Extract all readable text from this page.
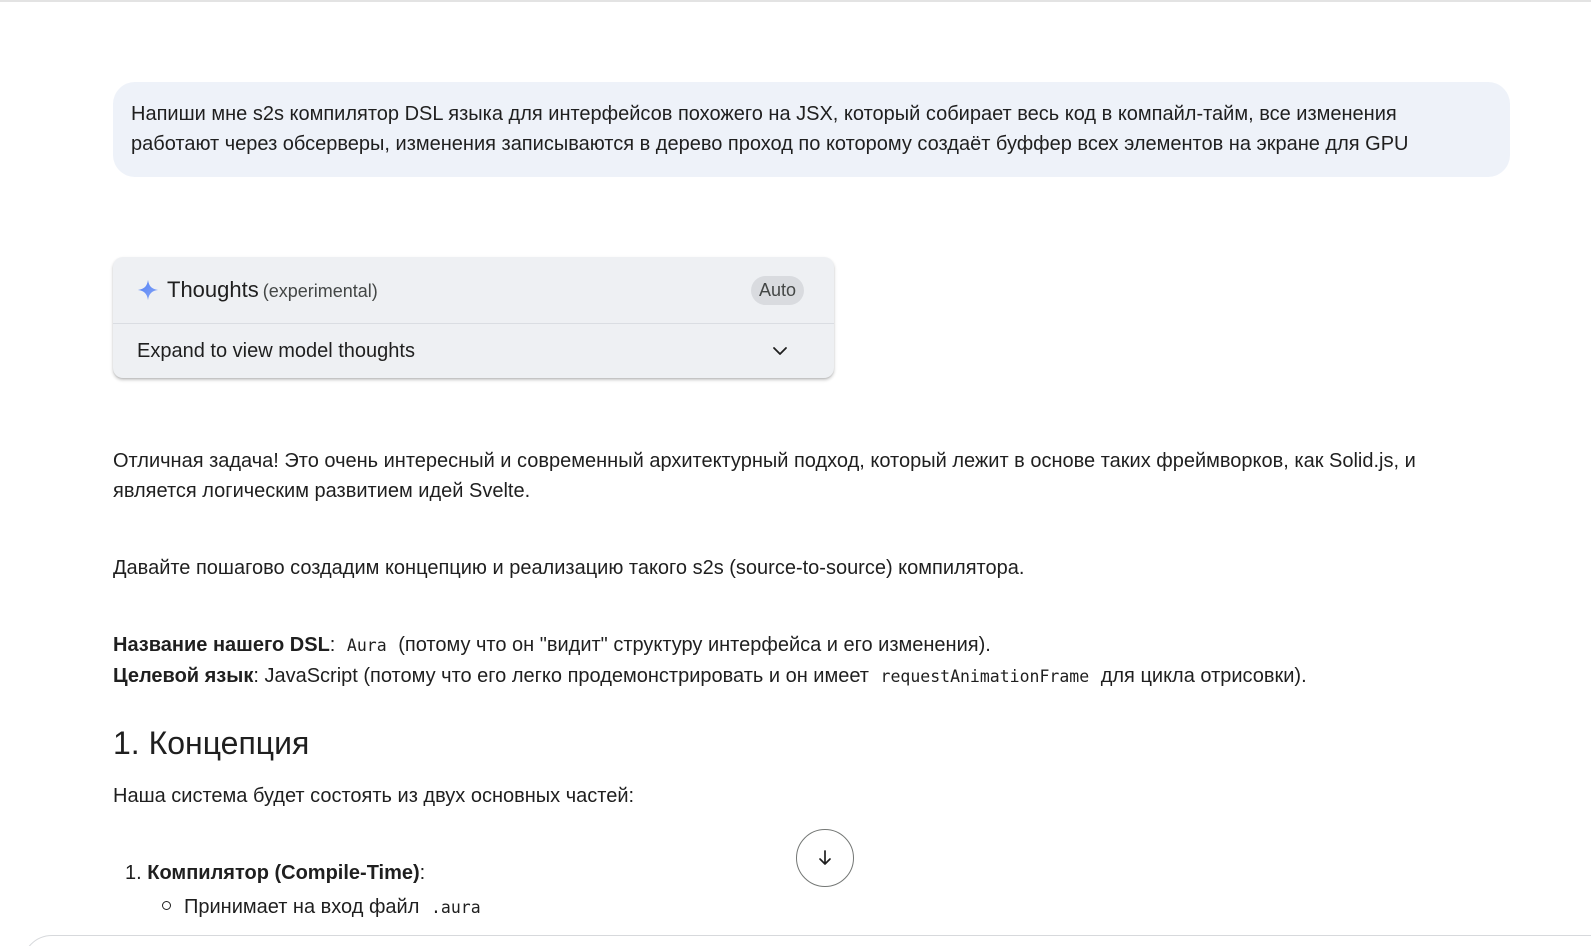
Напиши мне s2s компилятор DSL языка для интерфейсов похожего на JSX, который собирает весь код в компайл-тайм, все изменения
работают через обсерверы, изменения записываются в дерево проход по которому создаёт буффер всех элементов на экране для GPU
Thoughts (experimental)	Auto
Expand to view model thoughts
Отличная задача! Это очень интересный и современный архитектурный подход, который лежит в основе таких фреймворков, как Solid.js, и
является логическим развитием идей Svelte.
Давайте пошагово создадим концепцию и реализацию такого s2s (source-to-source) компилятора.
Название нашего DSL: Aura (потому что он "видит" структуру интерфейса и его изменения).
Целевой язык: JavaScript (потому что его легко продемонстрировать и он имеет requestAnimationFrame для цикла отрисовки).
1. Концепция
Наша система будет состоять из двух основных частей:
1. Компилятор (Compile-Time):
Принимает на вход файл .aura
